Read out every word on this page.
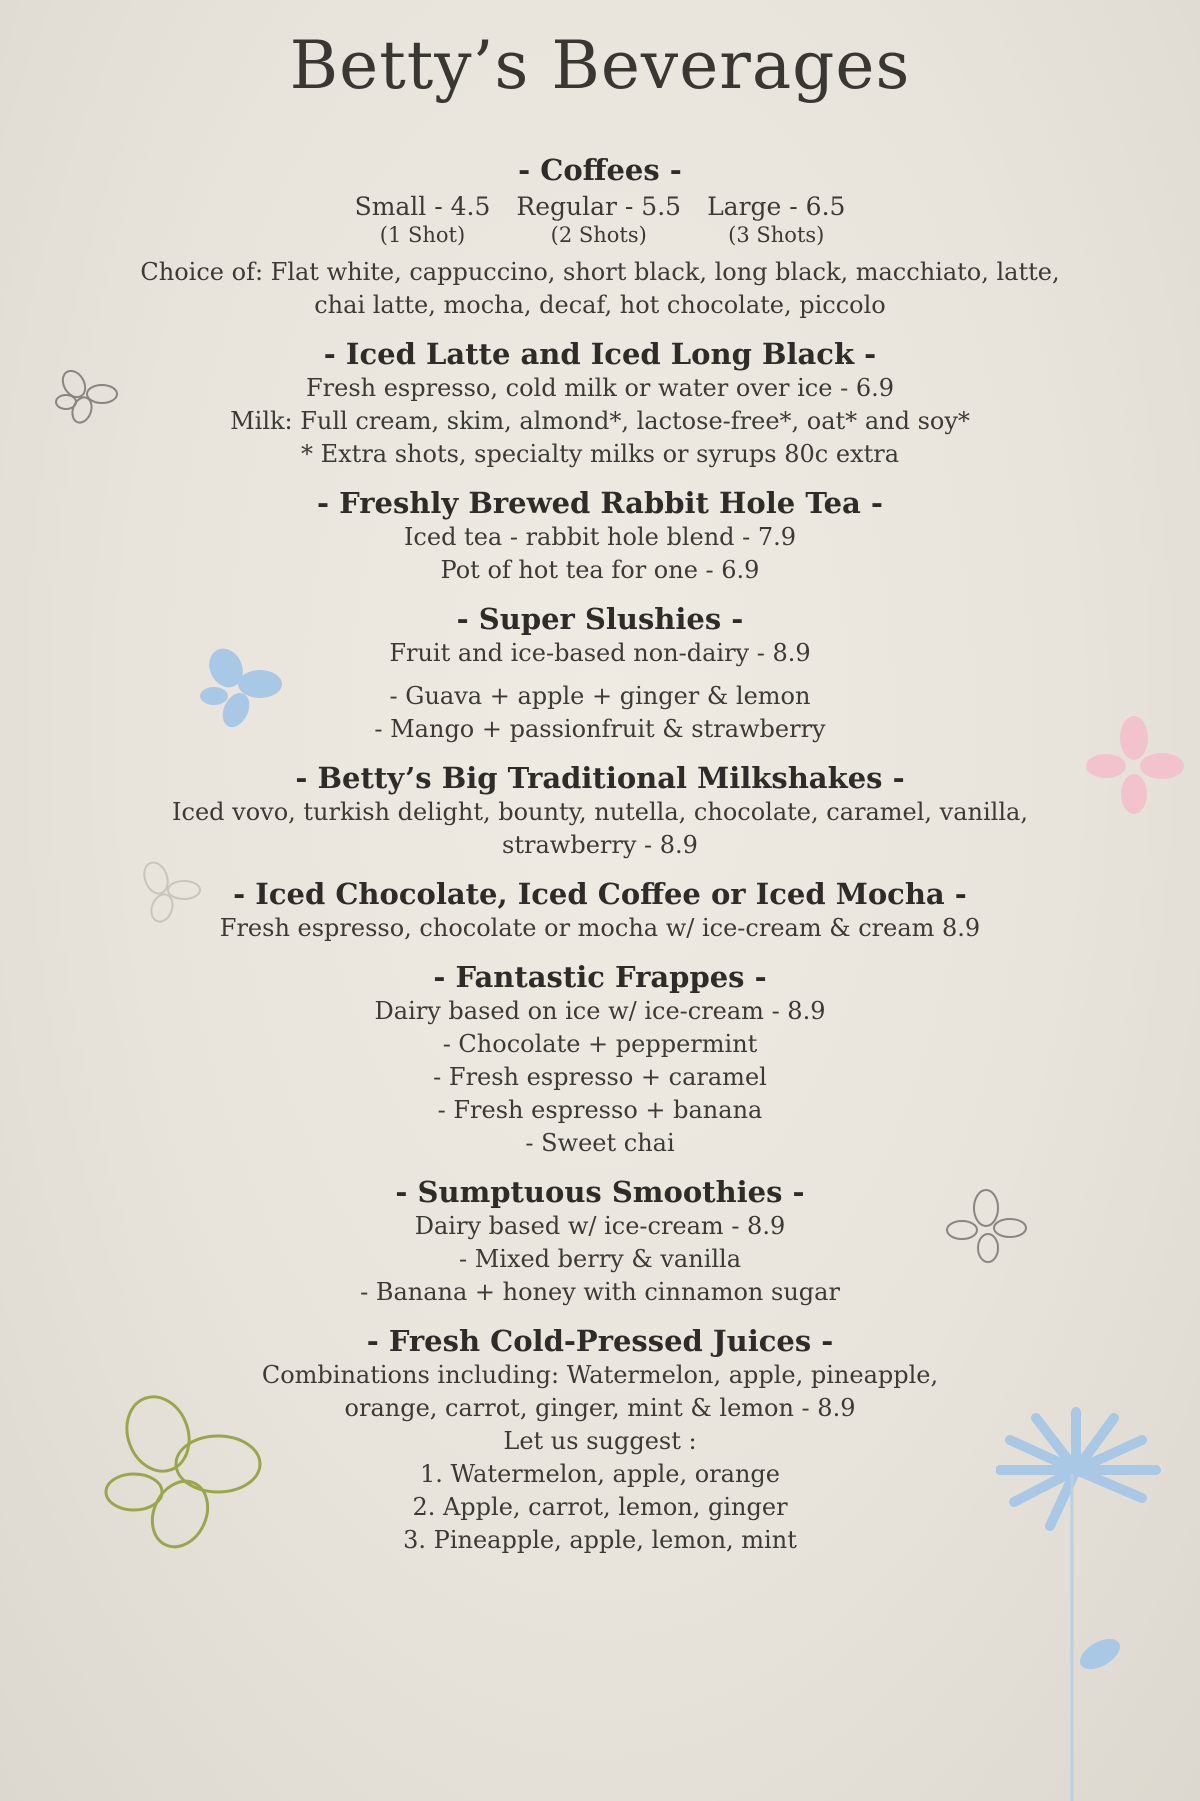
Betty’s Beverages

- Coffees -

Small - 4.5
(1 Shot)
Regular - 5.5
(2 Shots)
Large - 6.5
(3 Shots)
Choice of: Flat white, cappuccino, short black, long black, macchiato, latte,
chai latte, mocha, decaf, hot chocolate, piccolo

- Iced Latte and Iced Long Black -

Fresh espresso, cold milk or water over ice - 6.9
Milk: Full cream, skim, almond*, lactose-free*, oat* and soy*
* Extra shots, specialty milks or syrups 80c extra

- Freshly Brewed Rabbit Hole Tea -

Iced tea - rabbit hole blend - 7.9
Pot of hot tea for one - 6.9

- Super Slushies -

Fruit and ice-based non-dairy - 8.9
- Guava + apple + ginger & lemon
- Mango + passionfruit & strawberry

- Betty’s Big Traditional Milkshakes -

Iced vovo, turkish delight, bounty, nutella, chocolate, caramel, vanilla,
strawberry - 8.9

- Iced Chocolate, Iced Coffee or Iced Mocha -

Fresh espresso, chocolate or mocha w/ ice-cream & cream 8.9

- Fantastic Frappes -

Dairy based on ice w/ ice-cream - 8.9
- Chocolate + peppermint
- Fresh espresso + caramel
- Fresh espresso + banana
- Sweet chai

- Sumptuous Smoothies -

Dairy based w/ ice-cream - 8.9
- Mixed berry & vanilla
- Banana + honey with cinnamon sugar

- Fresh Cold-Pressed Juices -

Combinations including: Watermelon, apple, pineapple,
orange, carrot, ginger, mint & lemon - 8.9
Let us suggest :
1. Watermelon, apple, orange
2. Apple, carrot, lemon, ginger
3. Pineapple, apple, lemon, mint
